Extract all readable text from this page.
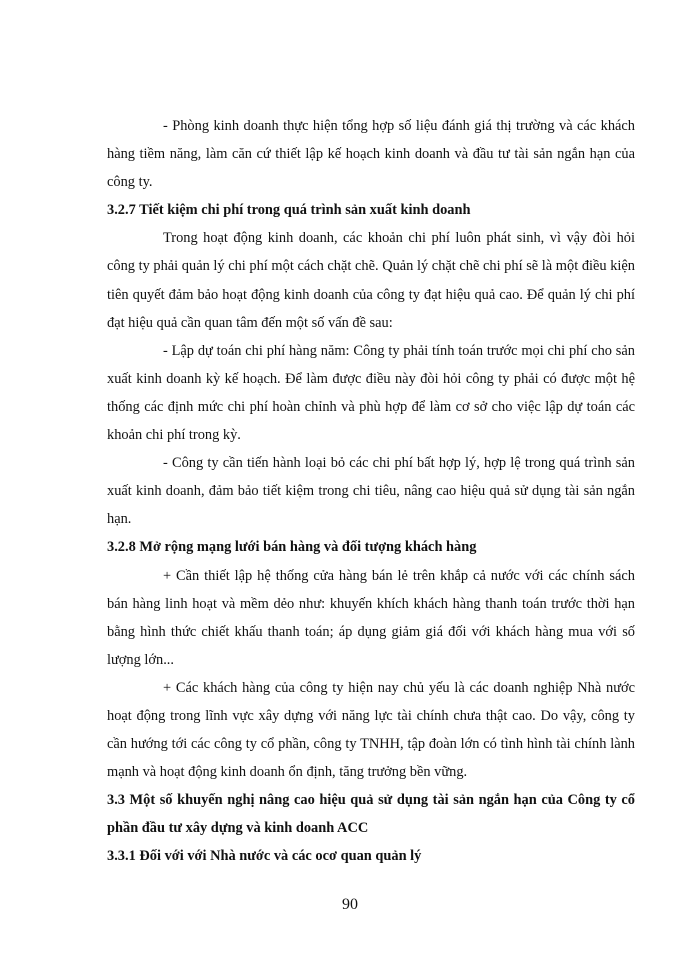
- Phòng kinh doanh thực hiện tổng hợp số liệu đánh giá thị trường và các khách hàng tiềm năng, làm căn cứ thiết lập kế hoạch kinh doanh và đầu tư tài sản ngắn hạn của công ty.

3.2.7 Tiết kiệm chi phí trong quá trình sản xuất kinh doanh

Trong hoạt động kinh doanh, các khoản chi phí luôn phát sinh, vì vậy đòi hỏi công ty phải quản lý chi phí một cách chặt chẽ. Quản lý chặt chẽ chi phí sẽ là một điều kiện tiên quyết đảm bảo hoạt động kinh doanh của công ty đạt hiệu quả cao. Để quản lý chi phí đạt hiệu quả cần quan tâm đến một số vấn đề sau:

- Lập dự toán chi phí hàng năm: Công ty phải tính toán trước mọi chi phí cho sản xuất kinh doanh kỳ kế hoạch. Để làm được điều này đòi hỏi công ty phải có được một hệ thống các định mức chi phí hoàn chỉnh và phù hợp để làm cơ sở cho việc lập dự toán các khoản chi phí trong kỳ.

- Công ty cần tiến hành loại bỏ các chi phí bất hợp lý, hợp lệ trong quá trình sản xuất kinh doanh, đảm bảo tiết kiệm trong chi tiêu, nâng cao hiệu quả sử dụng tài sản ngắn hạn.

3.2.8 Mở rộng mạng lưới bán hàng và đối tượng khách hàng

+ Cần thiết lập hệ thống cửa hàng bán lẻ trên khắp cả nước với các chính sách bán hàng linh hoạt và mềm dẻo như: khuyến khích khách hàng thanh toán trước thời hạn bằng hình thức chiết khấu thanh toán; áp dụng giảm giá đối với khách hàng mua với số lượng lớn...

+ Các khách hàng của công ty hiện nay chủ yếu là các doanh nghiệp Nhà nước hoạt động trong lĩnh vực xây dựng với năng lực tài chính chưa thật cao. Do vậy, công ty cần hướng tới các công ty cổ phần, công ty TNHH, tập đoàn lớn có tình hình tài chính lành mạnh và hoạt động kinh doanh ổn định, tăng trưởng bền vững.

3.3 Một số khuyến nghị nâng cao hiệu quả sử dụng tài sản ngắn hạn của Công ty cổ phần đầu tư xây dựng và kinh doanh ACC

3.3.1 Đối với với Nhà nước và các ocơ quan quản lý

90
